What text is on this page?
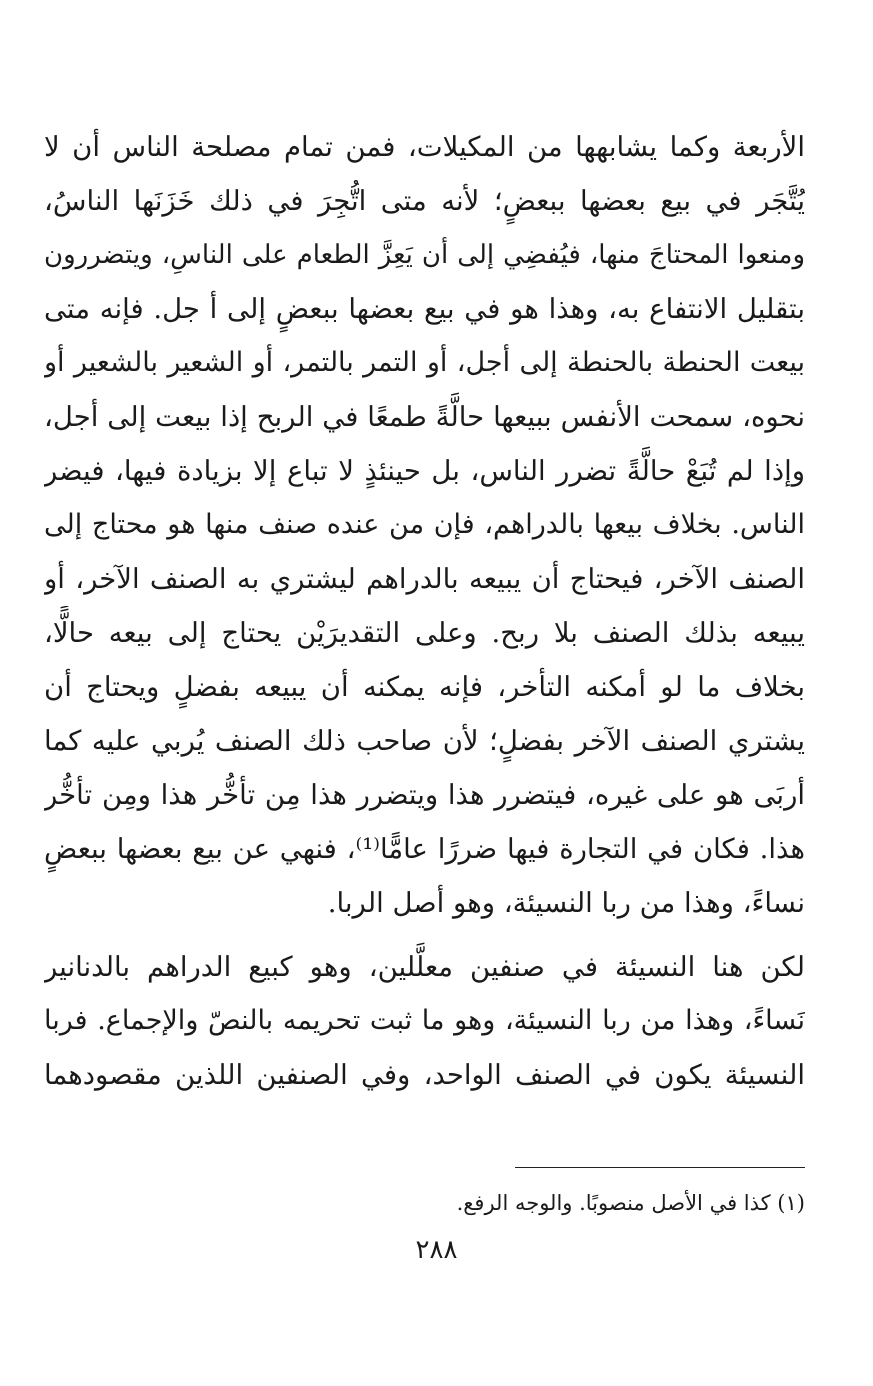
الأربعة وكما يشابهها من المكيلات، فمن تمام مصلحة الناس أن لا
يُتَّجَر في بيع بعضها ببعضٍ؛ لأنه متى اتُّجِرَ في ذلك خَزَنَها الناسُ،
ومنعوا المحتاجَ منها، فيُفضِي إلى أن يَعِزَّ الطعام على الناسِ، ويتضررون
بتقليل الانتفاع به، وهذا هو في بيع بعضها ببعضٍ إلى أ جل. فإنه متى
بيعت الحنطة بالحنطة إلى أجل، أو التمر بالتمر، أو الشعير بالشعير أو
نحوه، سمحت الأنفس ببيعها حالَّةً طمعًا في الربح إذا بيعت إلى أجل،
وإذا لم تُبَعْ حالَّةً تضرر الناس، بل حينئذٍ لا تباع إلا بزيادة فيها، فيضر
الناس. بخلاف بيعها بالدراهم، فإن من عنده صنف منها هو محتاج إلى
الصنف الآخر، فيحتاج أن يبيعه بالدراهم ليشتري به الصنف الآخر، أو
يبيعه بذلك الصنف بلا ربح. وعلى التقديرَيْن يحتاج إلى بيعه حالًّا،
بخلاف ما لو أمكنه التأخر، فإنه يمكنه أن يبيعه بفضلٍ ويحتاج أن
يشتري الصنف الآخر بفضلٍ؛ لأن صاحب ذلك الصنف يُربي عليه كما
أربَى هو على غيره، فيتضرر هذا ويتضرر هذا مِن تأخُّر هذا ومِن تأخُّر
هذا. فكان في التجارة فيها ضررًا عامًّا⁽¹⁾، فنهي عن بيع بعضها ببعضٍ
نساءً، وهذا من ربا النسيئة، وهو أصل الربا.
لكن هنا النسيئة في صنفين معلَّلين، وهو كبيع الدراهم بالدنانير
نَساءً، وهذا من ربا النسيئة، وهو ما ثبت تحريمه بالنصّ والإجماع. فربا
النسيئة يكون في الصنف الواحد، وفي الصنفين اللذين مقصودهما
(١) كذا في الأصل منصوبًا. والوجه الرفع.
٢٨٨
